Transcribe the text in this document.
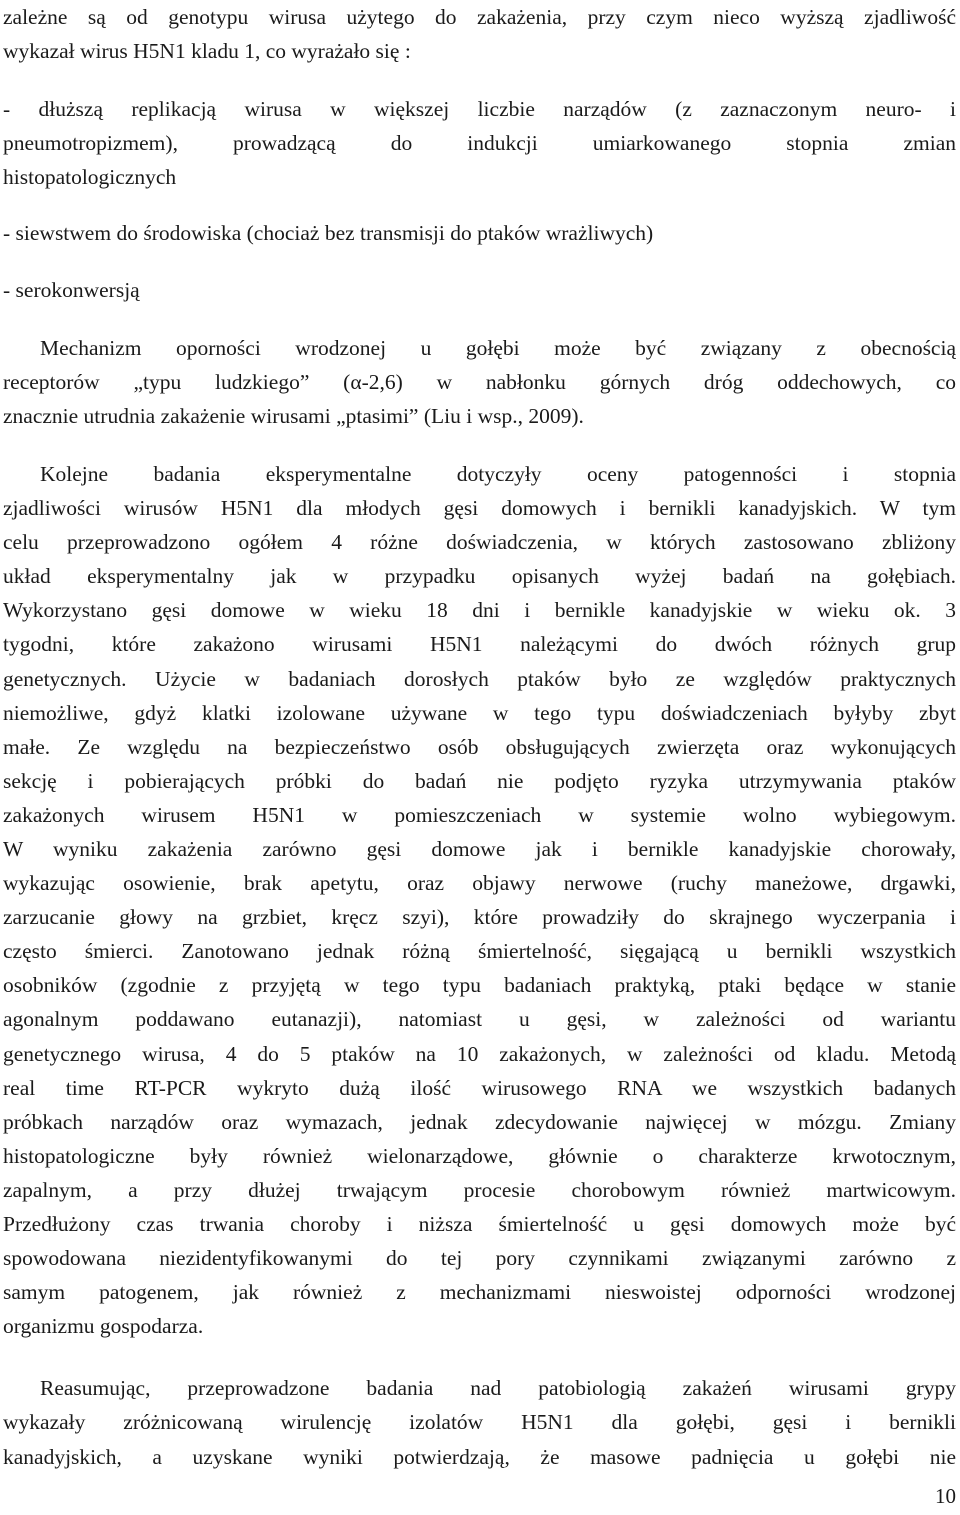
zależne są od genotypu wirusa użytego do zakażenia, przy czym nieco wyższą zjadliwość
wykazał wirus H5N1 kladu 1, co wyrażało się :
- dłuższą replikacją wirusa w większej liczbie narządów (z zaznaczonym neuro- i
pneumotropizmem), prowadzącą do indukcji umiarkowanego stopnia zmian
histopatologicznych
- siewstwem do środowiska (chociaż bez transmisji do ptaków wrażliwych)
- serokonwersją
Mechanizm oporności wrodzonej u gołębi może być związany z obecnością
receptorów „typu ludzkiego” (α-2,6) w nabłonku górnych dróg oddechowych, co
znacznie utrudnia zakażenie wirusami „ptasimi” (Liu i wsp., 2009).
Kolejne badania eksperymentalne dotyczyły oceny patogenności i stopnia
zjadliwości wirusów H5N1 dla młodych gęsi domowych i bernikli kanadyjskich. W tym
celu przeprowadzono ogółem 4 różne doświadczenia, w których zastosowano zbliżony
układ eksperymentalny jak w przypadku opisanych wyżej badań na gołębiach.
Wykorzystano gęsi domowe w wieku 18 dni i bernikle kanadyjskie w wieku ok. 3
tygodni, które zakażono wirusami H5N1 należącymi do dwóch różnych grup
genetycznych. Użycie w badaniach dorosłych ptaków było ze względów praktycznych
niemożliwe, gdyż klatki izolowane używane w tego typu doświadczeniach byłyby zbyt
małe. Ze względu na bezpieczeństwo osób obsługujących zwierzęta oraz wykonujących
sekcję i pobierających próbki do badań nie podjęto ryzyka utrzymywania ptaków
zakażonych wirusem H5N1 w pomieszczeniach w systemie wolno wybiegowym.
W wyniku zakażenia zarówno gęsi domowe jak i bernikle kanadyjskie chorowały,
wykazując osowienie, brak apetytu, oraz objawy nerwowe (ruchy maneżowe, drgawki,
zarzucanie głowy na grzbiet, kręcz szyi), które prowadziły do skrajnego wyczerpania i
często śmierci. Zanotowano jednak różną śmiertelność, sięgającą u bernikli wszystkich
osobników (zgodnie z przyjętą w tego typu badaniach praktyką, ptaki będące w stanie
agonalnym poddawano eutanazji), natomiast u gęsi, w zależności od wariantu
genetycznego wirusa, 4 do 5 ptaków na 10 zakażonych, w zależności od kladu. Metodą
real time RT-PCR wykryto dużą ilość wirusowego RNA we wszystkich badanych
próbkach narządów oraz wymazach, jednak zdecydowanie najwięcej w mózgu. Zmiany
histopatologiczne były również wielonarządowe, głównie o charakterze krwotocznym,
zapalnym, a przy dłużej trwającym procesie chorobowym również martwicowym.
Przedłużony czas trwania choroby i niższa śmiertelność u gęsi domowych może być
spowodowana niezidentyfikowanymi do tej pory czynnikami związanymi zarówno z
samym patogenem, jak również z mechanizmami nieswoistej odporności wrodzonej
organizmu gospodarza.
Reasumując, przeprowadzone badania nad patobiologią zakażeń wirusami grypy
wykazały zróżnicowaną wirulencję izolatów H5N1 dla gołębi, gęsi i bernikli
kanadyjskich, a uzyskane wyniki potwierdzają, że masowe padnięcia u gołębi nie
10
